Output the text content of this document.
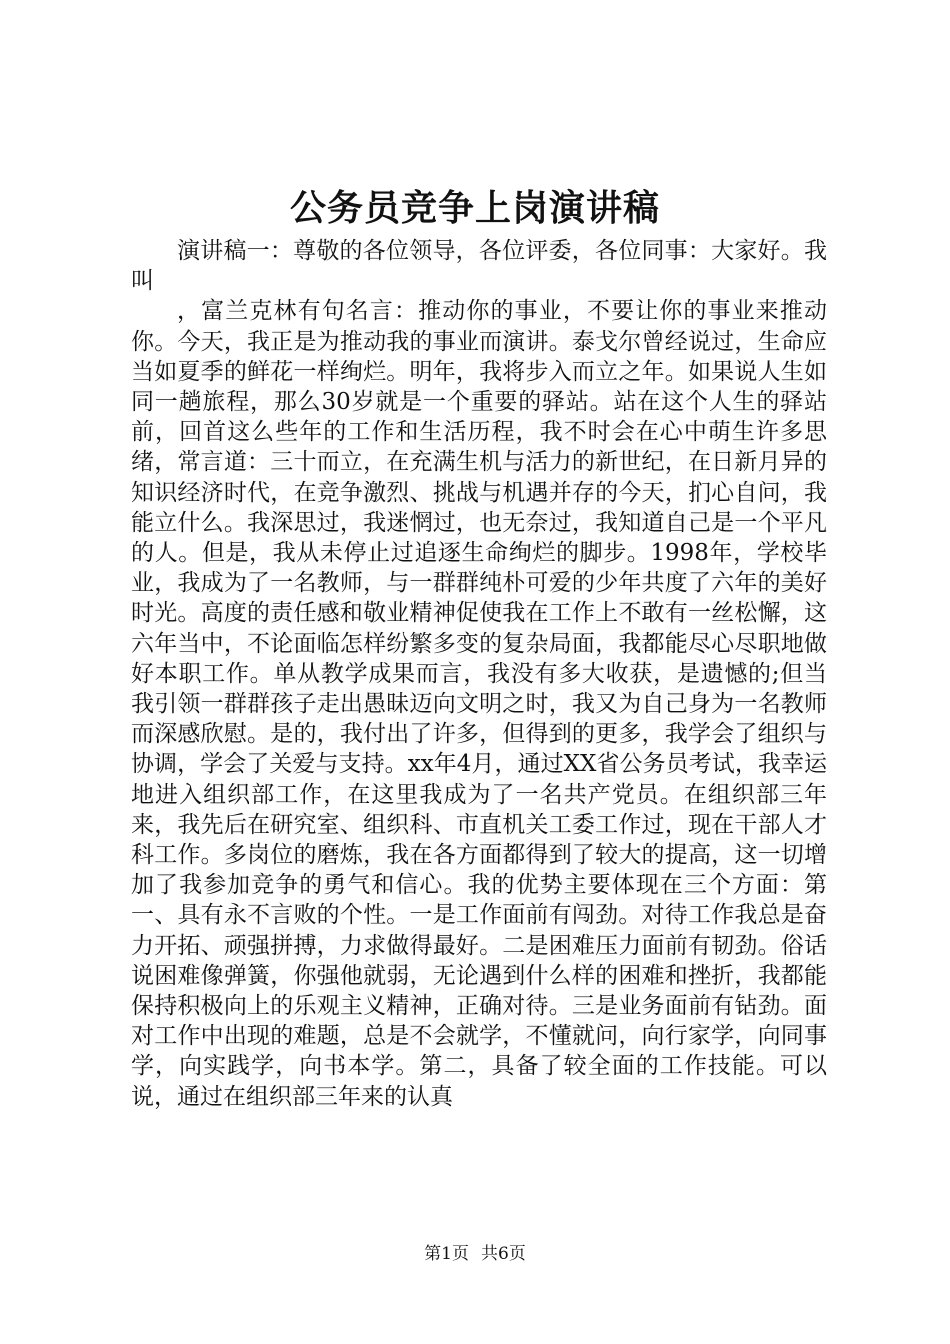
公务员竞争上岗演讲稿

演讲稿一：尊敬的各位领导，各位评委，各位同事：大家好。我叫

，富兰克林有句名言：推动你的事业，不要让你的事业来推动你。今天，我正是为推动我的事业而演讲。泰戈尔曾经说过，生命应当如夏季的鲜花一样绚烂。明年，我将步入而立之年。如果说人生如同一趟旅程，那么30岁就是一个重要的驿站。站在这个人生的驿站前，回首这么些年的工作和生活历程，我不时会在心中萌生许多思绪，常言道：三十而立，在充满生机与活力的新世纪，在日新月异的知识经济时代，在竞争激烈、挑战与机遇并存的今天，扪心自问，我能立什么。我深思过，我迷惘过，也无奈过，我知道自己是一个平凡的人。但是，我从未停止过追逐生命绚烂的脚步。1998年，学校毕业，我成为了一名教师，与一群群纯朴可爱的少年共度了六年的美好时光。高度的责任感和敬业精神促使我在工作上不敢有一丝松懈，这六年当中，不论面临怎样纷繁多变的复杂局面，我都能尽心尽职地做好本职工作。单从教学成果而言，我没有多大收获，是遗憾的;但当我引领一群群孩子走出愚昧迈向文明之时，我又为自己身为一名教师而深感欣慰。是的，我付出了许多，但得到的更多，我学会了组织与协调，学会了关爱与支持。xx年4月，通过XX省公务员考试，我幸运地进入组织部工作，在这里我成为了一名共产党员。在组织部三年来，我先后在研究室、组织科、市直机关工委工作过，现在干部人才科工作。多岗位的磨炼，我在各方面都得到了较大的提高，这一切增加了我参加竞争的勇气和信心。我的优势主要体现在三个方面：第一、具有永不言败的个性。一是工作面前有闯劲。对待工作我总是奋力开拓、顽强拼搏，力求做得最好。二是困难压力面前有韧劲。俗话说困难像弹簧，你强他就弱，无论遇到什么样的困难和挫折，我都能保持积极向上的乐观主义精神，正确对待。三是业务面前有钻劲。面对工作中出现的难题，总是不会就学，不懂就问，向行家学，向同事学，向实践学，向书本学。第二，具备了较全面的工作技能。可以说，通过在组织部三年来的认真

第1页 共6页
